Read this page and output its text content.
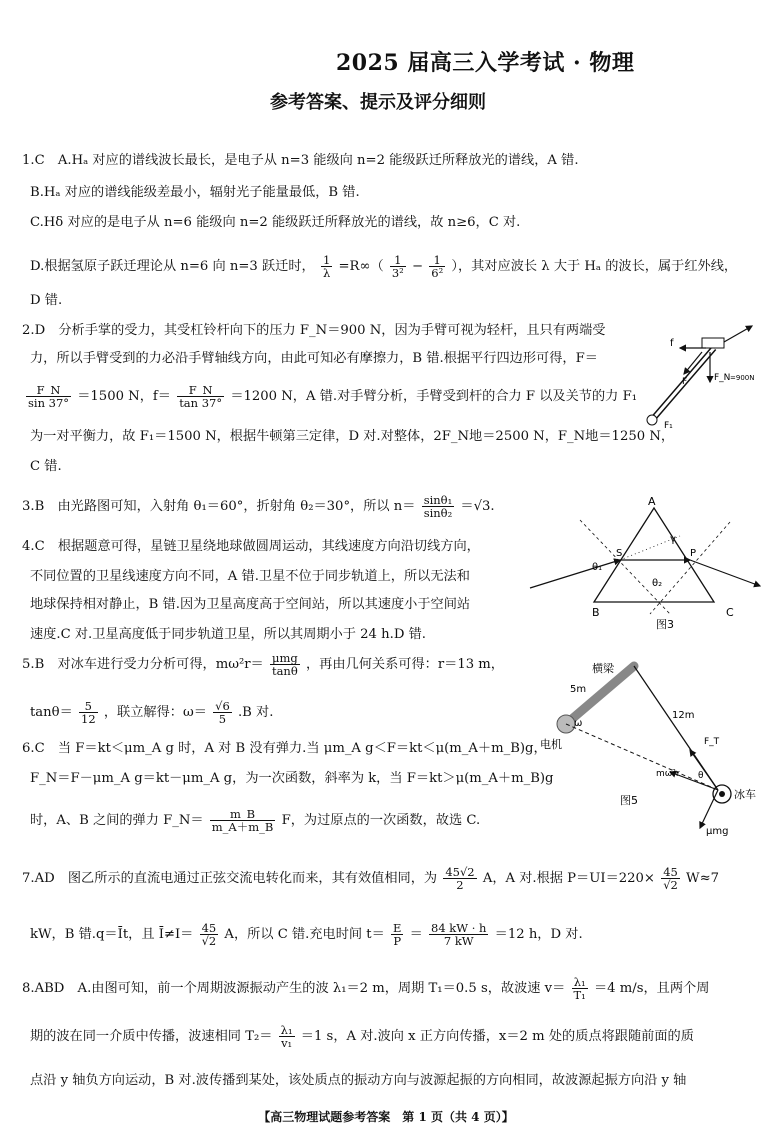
2025 届高三入学考试 · 物理
参考答案、提示及评分细则
1.C　A.Hₐ 对应的谱线波长最长，是电子从 n=3 能级向 n=2 能级跃迁所释放光的谱线，A 错.
B.Hₐ 对应的谱线能级差最小，辐射光子能量最低，B 错.
C.Hδ 对应的是电子从 n=6 能级向 n=2 能级跃迁所释放光的谱线，故 n≥6，C 对.
D.根据氢原子跃迁理论从 n=6 向 n=3 跃迁时， $\frac{1}{\lambda} =R\infty( \frac{1}{\text{3²}} - \frac{1}{\text{6²}}$ ），其对应波长 λ 大于 Hₐ 的波长，属于红外线，
D 错.
2.D　分析手掌的受力，其受杠铃杆向下的压力 F_N＝900 N，因为手臂可视为轻杆，且只有两端受
力，所以手臂受到的力必沿手臂轴线方向，由此可知必有摩擦力，B 错.根据平行四边形可得，F＝
$\frac{F\_N}{\sin 37^\circ} =1500$ N，$f= \frac{F\_N}{\tan 37^\circ} =1200$ N，A 错.对手臂分析，手臂受到杆的合力 F 以及关节的力 F₁
为一对平衡力，故 F₁＝1500 N，根据牛顿第三定律，D 对.对整体，2F_N地＝2500 N，F_N地＝1250 N，
C 错.
3.B　由光路图可知，入射角 θ₁＝60°，折射角 θ₂＝30°，所以 $n= \frac{\text{sinθ₁}}{\text{sinθ₂}} =√3$.
4.C　根据题意可得，星链卫星绕地球做圆周运动，其线速度方向沿切线方向，
不同位置的卫星线速度方向不同，A 错.卫星不位于同步轨道上，所以无法和
地球保持相对静止，B 错.因为卫星高度高于空间站，所以其速度小于空间站
速度.C 对.卫星高度低于同步轨道卫星，所以其周期小于 24 h.D 错.
5.B　对冰车进行受力分析可得，$m\omega^2r= \frac{\text{μmg}}{\tan\theta}$ ，再由几何关系可得：r＝13 m，
$\tan\theta= \frac{5}{12}$ ，联立解得：$\omega= \frac{√6}{5} .B$ 对.
6.C　当 F＝kt＜μm_A g 时，A 对 B 没有弹力.当 μm_A g＜F＝kt＜μ(m_A＋m_B)g，
F_N＝F－μm_A g＝kt－μm_A g，为一次函数，斜率为 k，当 F＝kt＞μ(m_A＋m_B)g
时，A、B 之间的弹力 F_N＝ $\frac{m\_B}{m\_A+m\_B}$ F，为过原点的一次函数，故选 C.
7.AD　图乙所示的直流电通过正弦交流电转化而来，其有效值相同，为 $\frac{45√2}{2}$ A，A 对.根据 $P=UI=220\times \frac{45}{√2} W\approx 7$
kW，B 错.q＝Īt，且 Ī≠I＝ $\frac{45}{√2}$ A，所以 C 错.充电时间 $t= \frac{E}{P} = \frac{84 kW \cdot h}{7 kW} =12$ h，D 对.
8.ABD　A.由图可知，前一个周期波源振动产生的波 λ₁＝2 m，周期 T₁＝0.5 s，故波速 $v= \frac{\text{λ₁}}{\text{T₁}} =4$ m/s，且两个周
期的波在同一介质中传播，波速相同 $T_2= \frac{\text{λ₁}}{\text{v₁}} =1$ s，A 对.波向 x 正方向传播，x＝2 m 处的质点将跟随前面的质
点沿 y 轴负方向运动，B 对.波传播到某处，该处质点的振动方向与波源起振的方向相同，故波源起振方向沿 y 轴
f
F_N =900N
F
F₁
A
B	C
S	P
θ₁
θ₂
γ
图3
横梁
5m
12m
ω
电机	F_T
mω²r θ
冰车
μmg
图5
【高三物理试题参考答案　第 1 页（共 4 页）】
